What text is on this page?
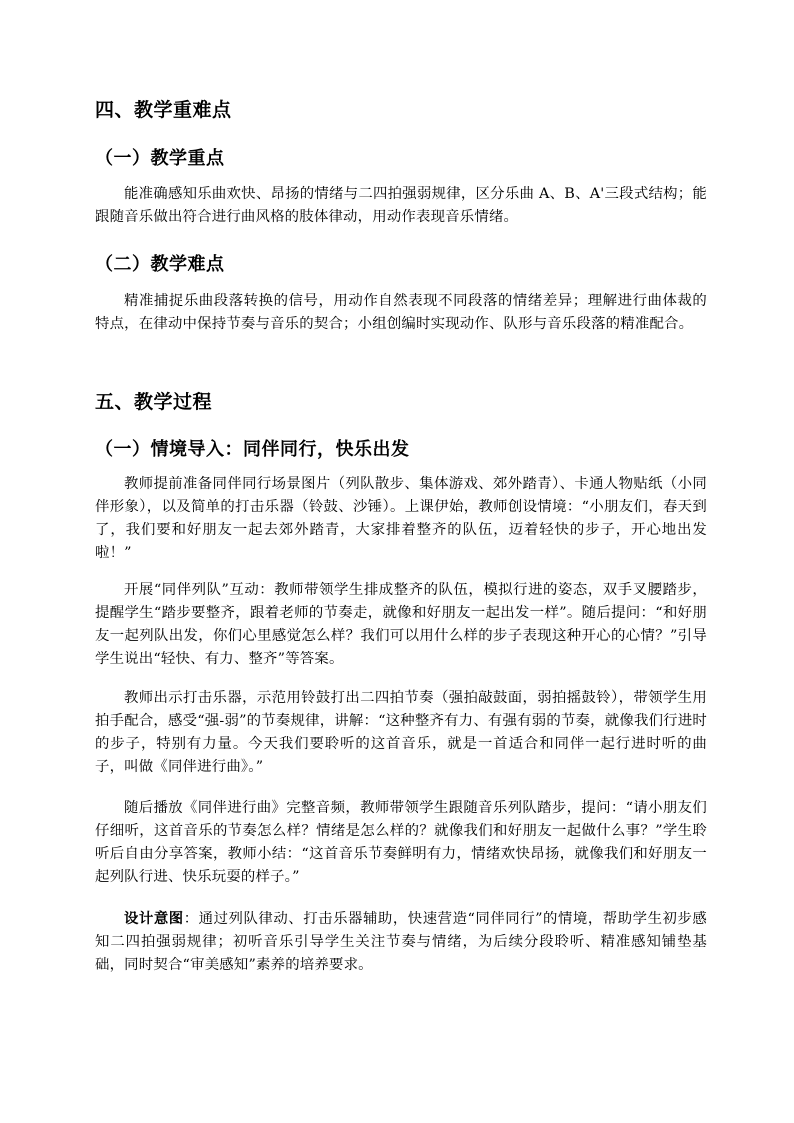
四、教学重难点
（一）教学重点

能准确感知乐曲欢快、昂扬的情绪与二四拍强弱规律，区分乐曲 A、B、A'三段式结构；能跟随音乐做出符合进行曲风格的肢体律动，用动作表现音乐情绪。

（二）教学难点

精准捕捉乐曲段落转换的信号，用动作自然表现不同段落的情绪差异；理解进行曲体裁的特点，在律动中保持节奏与音乐的契合；小组创编时实现动作、队形与音乐段落的精准配合。

五、教学过程
（一）情境导入：同伴同行，快乐出发

教师提前准备同伴同行场景图片（列队散步、集体游戏、郊外踏青）、卡通人物贴纸（小同伴形象），以及简单的打击乐器（铃鼓、沙锤）。上课伊始，教师创设情境：“小朋友们，春天到了，我们要和好朋友一起去郊外踏青，大家排着整齐的队伍，迈着轻快的步子，开心地出发啦！”

开展“同伴列队”互动：教师带领学生排成整齐的队伍，模拟行进的姿态，双手叉腰踏步，提醒学生“踏步要整齐，跟着老师的节奏走，就像和好朋友一起出发一样”。随后提问：“和好朋友一起列队出发，你们心里感觉怎么样？我们可以用什么样的步子表现这种开心的心情？”引导学生说出“轻快、有力、整齐”等答案。

教师出示打击乐器，示范用铃鼓打出二四拍节奏（强拍敲鼓面，弱拍摇鼓铃），带领学生用拍手配合，感受“强-弱”的节奏规律，讲解：“这种整齐有力、有强有弱的节奏，就像我们行进时的步子，特别有力量。今天我们要聆听的这首音乐，就是一首适合和同伴一起行进时听的曲子，叫做《同伴进行曲》。”

随后播放《同伴进行曲》完整音频，教师带领学生跟随音乐列队踏步，提问：“请小朋友们仔细听，这首音乐的节奏怎么样？情绪是怎么样的？就像我们和好朋友一起做什么事？”学生聆听后自由分享答案，教师小结：“这首音乐节奏鲜明有力，情绪欢快昂扬，就像我们和好朋友一起列队行进、快乐玩耍的样子。”

设计意图：通过列队律动、打击乐器辅助，快速营造“同伴同行”的情境，帮助学生初步感知二四拍强弱规律；初听音乐引导学生关注节奏与情绪，为后续分段聆听、精准感知铺垫基础，同时契合“审美感知”素养的培养要求。
